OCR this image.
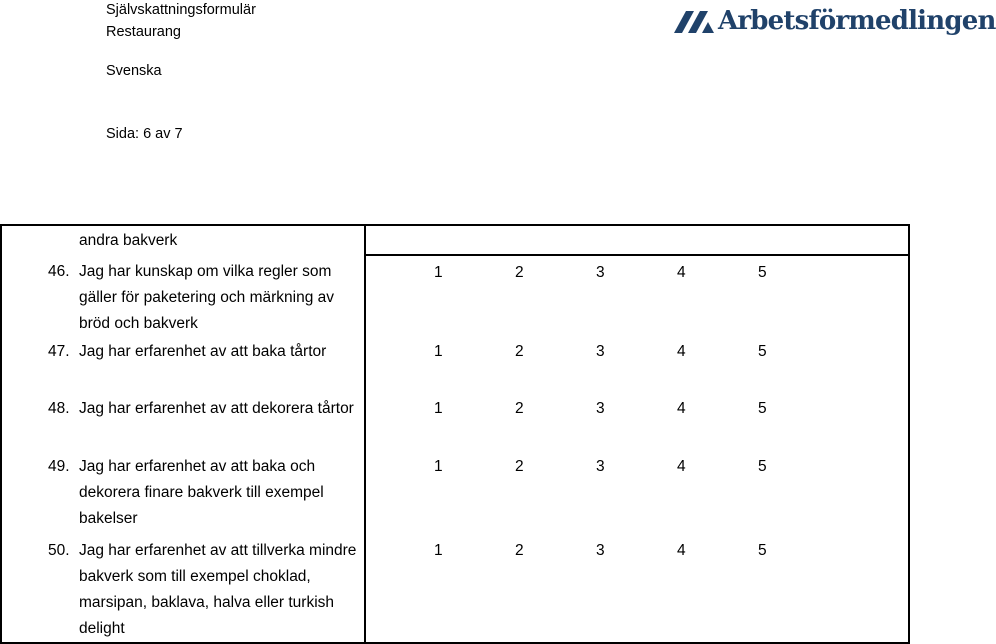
Självskattningsformulär
Restaurang
Svenska
Sida: 6 av 7
Arbetsförmedlingen
andra bakverk	

46. Jag har kunskap om vilka regler som gäller för paketering och märkning av bröd och bakverk	1 2 3 4 5

47. Jag har erfarenhet av att baka tårtor	1 2 3 4 5

48. Jag har erfarenhet av att dekorera tårtor	1 2 3 4 5

49. Jag har erfarenhet av att baka och dekorera finare bakverk till exempel bakelser	1 2 3 4 5

50. Jag har erfarenhet av att tillverka mindre bakverk som till exempel choklad, marsipan, baklava, halva eller turkish delight	1 2 3 4 5
